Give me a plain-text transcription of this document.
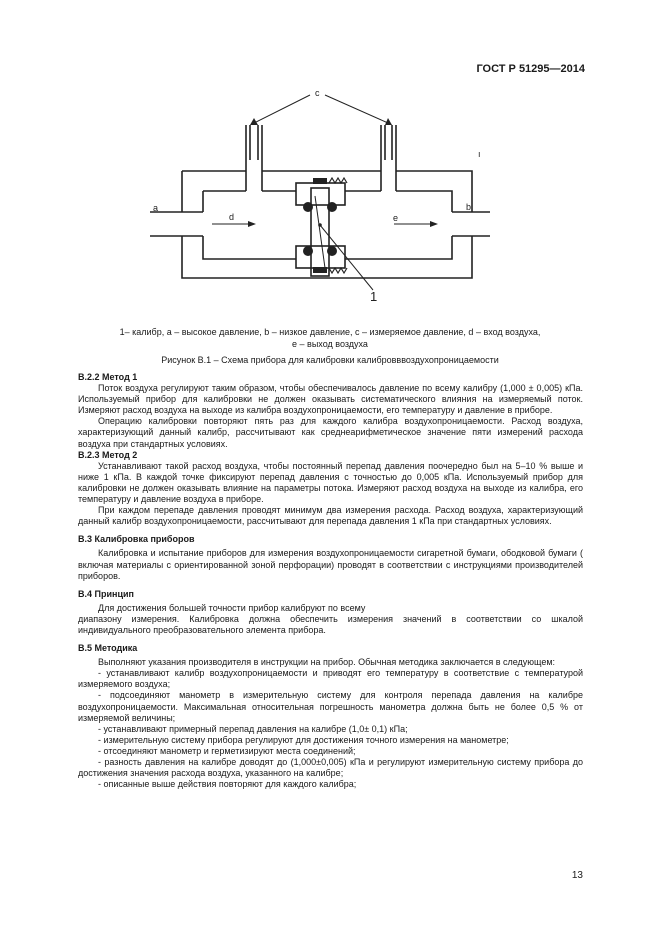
ГОСТ Р 51295—2014
a	b
c
d	e
1
ı
1– калибр, а – высокое давление, b – низкое давление, с – измеряемое давление, d – вход воздуха,
е – выход воздуха
Рисунок В.1 – Схема прибора для калибровки калибровввоздухопроницаемости

В.2.2 Метод 1

Поток воздуха регулируют таким образом, чтобы обеспечивалось давление по всему калибру (1,000 ± 0,005) кПа. Используемый прибор для калибровки не должен оказывать систематического влияния на измеряемый поток. Измеряют расход воздуха на выходе из калибра воздухопроницаемости, его температуру и давление в приборе.

Операцию калибровки повторяют пять раз для каждого калибра воздухопроницаемости. Расход воздуха, характеризующий данный калибр, рассчитывают как среднеарифметическое значение пяти измерений расхода воздуха при стандартных условиях.

В.2.3 Метод 2

Устанавливают такой расход воздуха, чтобы постоянный перепад давления поочередно был на 5–10 % выше и ниже 1 кПа. В каждой точке фиксируют перепад давления с точностью до 0,005 кПа. Используемый прибор для калибровки не должен оказывать влияние на параметры потока. Измеряют расход воздуха на выходе из калибра, его температуру и давление воздуха в приборе.

При каждом перепаде давления проводят минимум два измерения расхода. Расход воздуха, характеризующий данный калибр воздухопроницаемости, рассчитывают для перепада давления 1 кПа при стандартных условиях.

В.3 Калибровка приборов

Калибровка и испытание приборов для измерения воздухопроницаемости сигаретной бумаги, ободковой бумаги ( включая материалы с ориентированной зоной перфорации) проводят в соответствии с инструкциями производителей приборов.

В.4 Принцип

Для достижения большей точности прибор калибруют по всему

диапазону измерения. Калибровка должна обеспечить измерения значений в соответствии со шкалой индивидуального преобразовательного элемента прибора.

В.5 Методика

Выполняют указания производителя в инструкции на прибор. Обычная методика заключается в следующем:

- устанавливают калибр воздухопроницаемости и приводят его температуру в соответствие с температурой измеряемого воздуха;

- подсоединяют манометр в измерительную систему для контроля перепада давления на калибре воздухопроницаемости. Максимальная относительная погрешность манометра должна быть не более 0,5 % от измеряемой величины;

- устанавливают примерный перепад давления на калибре (1,0± 0,1) кПа;

- измерительную систему прибора регулируют для достижения точного измерения на манометре;

- отсоединяют манометр и герметизируют места соединений;

- разность давления на калибре доводят до (1,000±0,005) кПа и регулируют измерительную систему прибора до достижения значения расхода воздуха, указанного на калибре;

- описанные выше действия повторяют для каждого калибра;

13
